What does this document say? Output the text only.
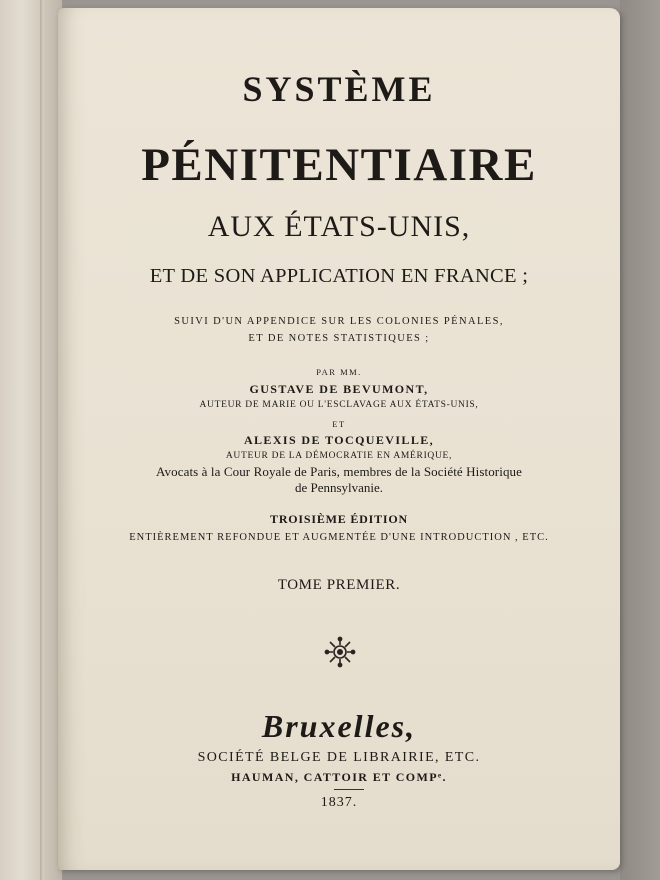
SYSTÈME
PÉNITENTIAIRE
AUX ÉTATS-UNIS,
ET DE SON APPLICATION EN FRANCE ;
SUIVI D'UN APPENDICE SUR LES COLONIES PÉNALES,
ET DE NOTES STATISTIQUES ;
PAR MM.
GUSTAVE DE BEVUMONT,
AUTEUR DE MARIE OU L'ESCLAVAGE AUX ÉTATS-UNIS,
ET
ALEXIS DE TOCQUEVILLE,
AUTEUR DE LA DÉMOCRATIE EN AMÉRIQUE,
Avocats à la Cour Royale de Paris, membres de la Société Historique
de Pennsylvanie.
TROISIÈME ÉDITION
ENTIÈREMENT REFONDUE ET AUGMENTÉE D'UNE INTRODUCTION , ETC.
TOME PREMIER.
Bruxelles,
SOCIÉTÉ BELGE DE LIBRAIRIE, ETC.
HAUMAN, CATTOIR ET COMPᵉ.
1837.
